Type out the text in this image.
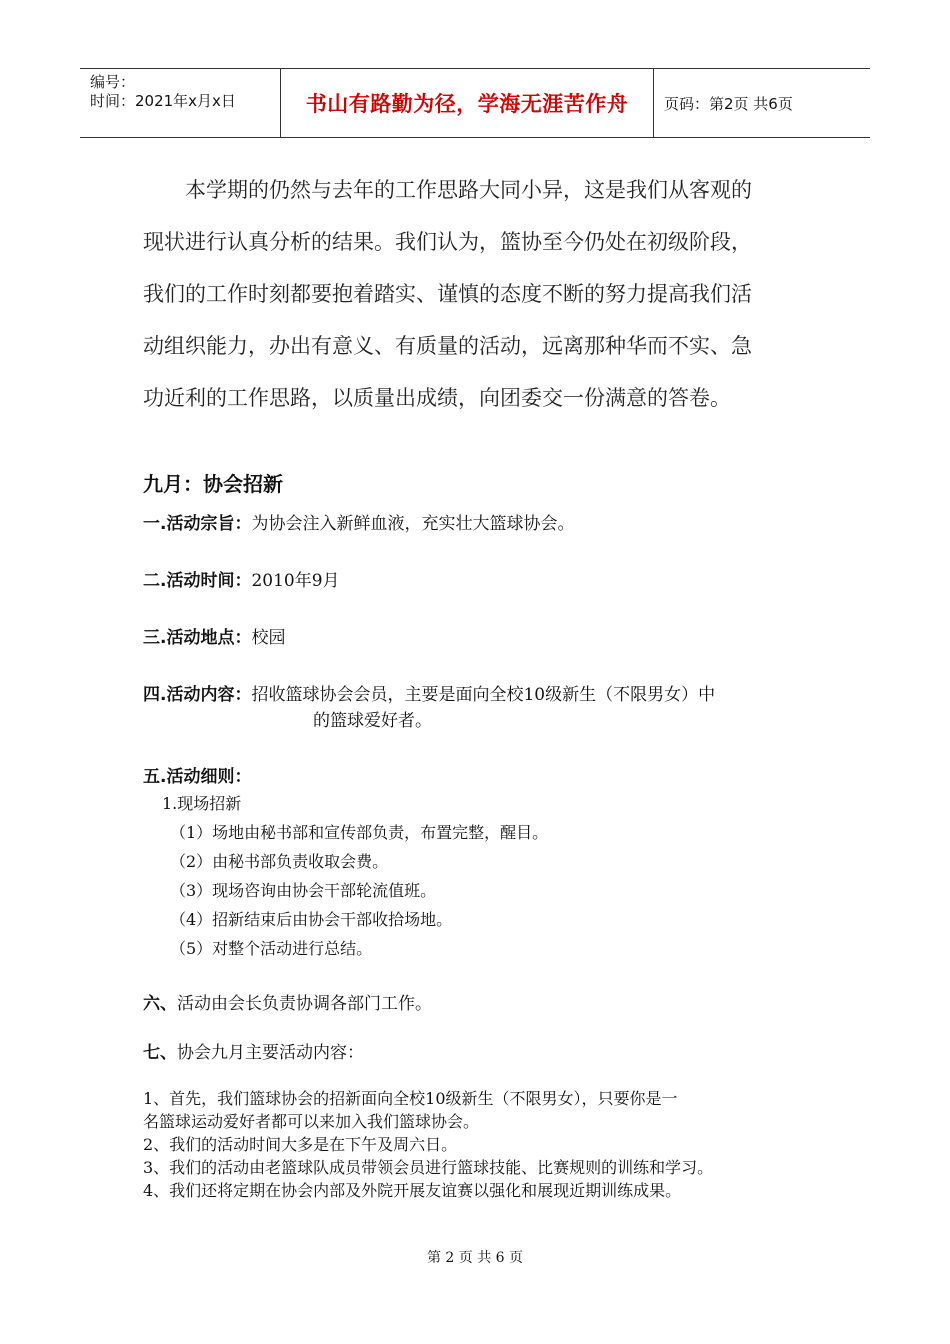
编号：
时间：2021年x月x日	书山有路勤为径，学海无涯苦作舟	页码：第2页 共6页

本学期的仍然与去年的工作思路大同小异，这是我们从客观的

现状进行认真分析的结果。我们认为，篮协至今仍处在初级阶段，

我们的工作时刻都要抱着踏实、谨慎的态度不断的努力提高我们活

动组织能力，办出有意义、有质量的活动，远离那种华而不实、急

功近利的工作思路，以质量出成绩，向团委交一份满意的答卷。

九月：协会招新
一.活动宗旨：为协会注入新鲜血液，充实壮大篮球协会。
二.活动时间：2010年9月
三.活动地点：校园
四.活动内容：招收篮球协会会员，主要是面向全校10级新生（不限男女）中
的篮球爱好者。
五.活动细则：
1.现场招新
（1）场地由秘书部和宣传部负责，布置完整，醒目。
（2）由秘书部负责收取会费。
（3）现场咨询由协会干部轮流值班。
（4）招新结束后由协会干部收拾场地。
（5）对整个活动进行总结。
六、活动由会长负责协调各部门工作。
七、协会九月主要活动内容：
1、首先，我们篮球协会的招新面向全校10级新生（不限男女），只要你是一
名篮球运动爱好者都可以来加入我们篮球协会。
2、我们的活动时间大多是在下午及周六日。
3、我们的活动由老篮球队成员带领会员进行篮球技能、比赛规则的训练和学习。
4、我们还将定期在协会内部及外院开展友谊赛以强化和展现近期训练成果。
第 2 页 共 6 页
